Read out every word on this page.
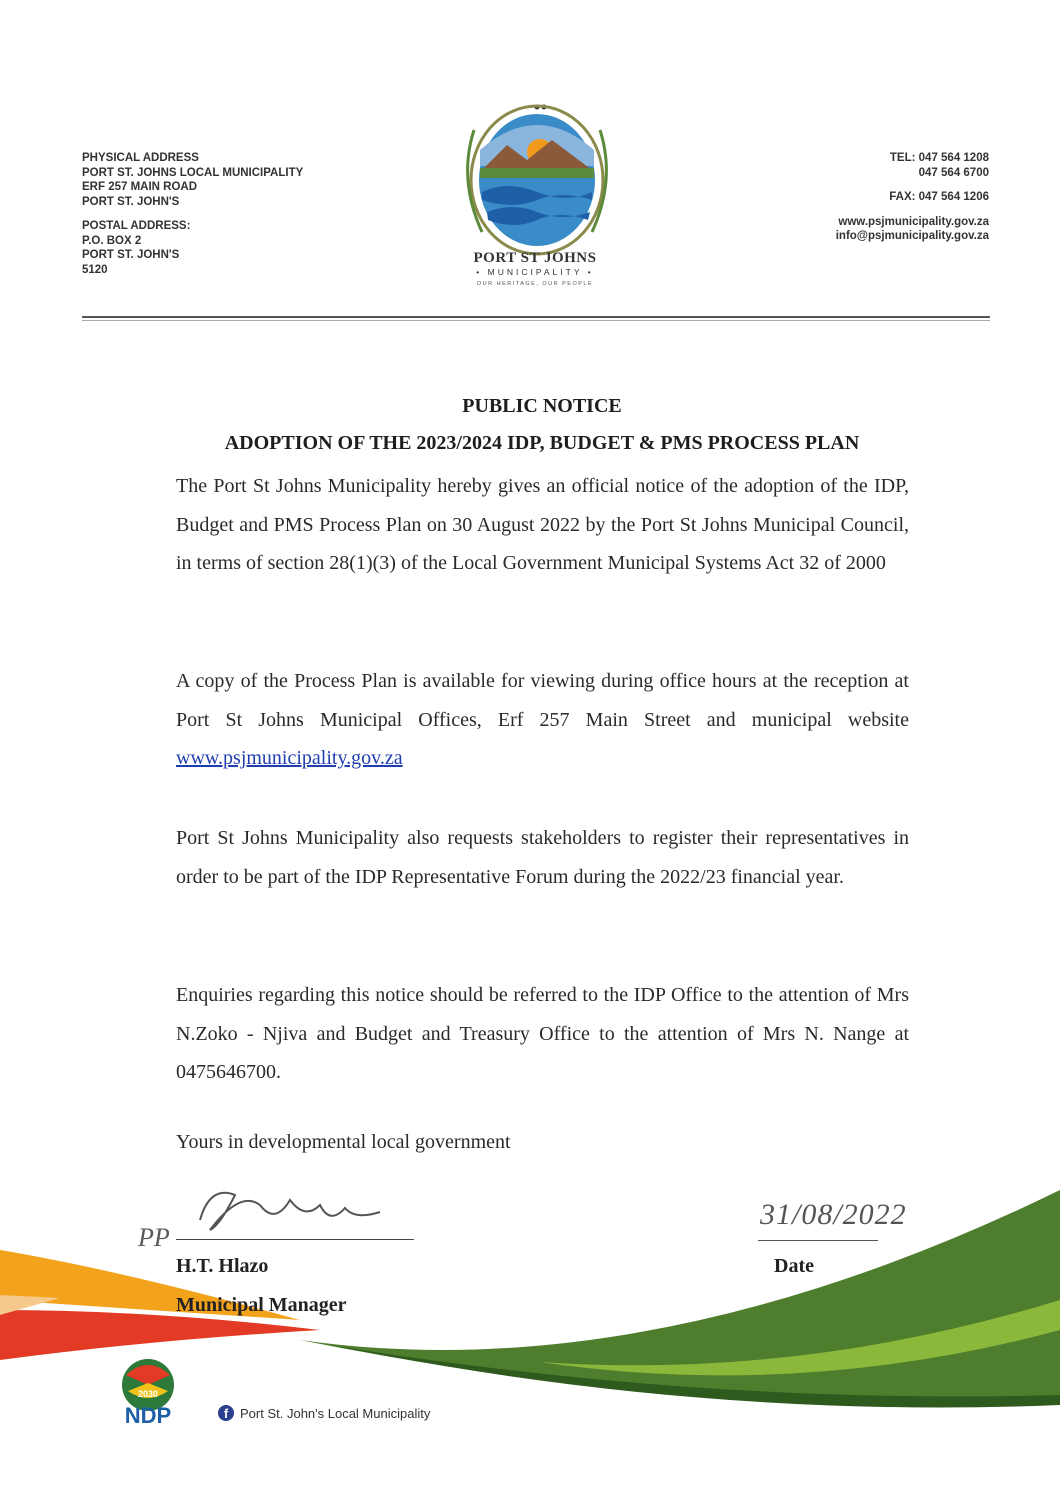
PHYSICAL ADDRESS
PORT ST. JOHNS LOCAL MUNICIPALITY
ERF 257 MAIN ROAD
PORT ST. JOHN'S
POSTAL ADDRESS:
P.O. BOX 2
PORT ST. JOHN'S
5120
TEL: 047 564 1208
047 564 6700
FAX: 047 564 1206
www.psjmunicipality.gov.za
info@psjmunicipality.gov.za
PORT ST JOHNS
• MUNICIPALITY •
OUR HERITAGE, OUR PEOPLE
PUBLIC NOTICE
ADOPTION OF THE 2023/2024 IDP, BUDGET & PMS PROCESS PLAN
The Port St Johns Municipality hereby gives an official notice of the adoption of the IDP, Budget and PMS Process Plan on 30 August 2022 by the Port St Johns Municipal Council, in terms of section 28(1)(3) of the Local Government Municipal Systems Act 32 of 2000
A copy of the Process Plan is available for viewing during office hours at the reception at Port St Johns Municipal Offices, Erf 257 Main Street and municipal website www.psjmunicipality.gov.za
Port St Johns Municipality also requests stakeholders to register their representatives in order to be part of the IDP Representative Forum during the 2022/23 financial year.
Enquiries regarding this notice should be referred to the IDP Office to the attention of Mrs N.Zoko - Njiva and Budget and Treasury Office to the attention of Mrs N. Nange at 0475646700.
Yours in developmental local government
PP
H.T. Hlazo
Municipal Manager
31/08/2022
Date
2030
NDP	f Port St. John's Local Municipality
